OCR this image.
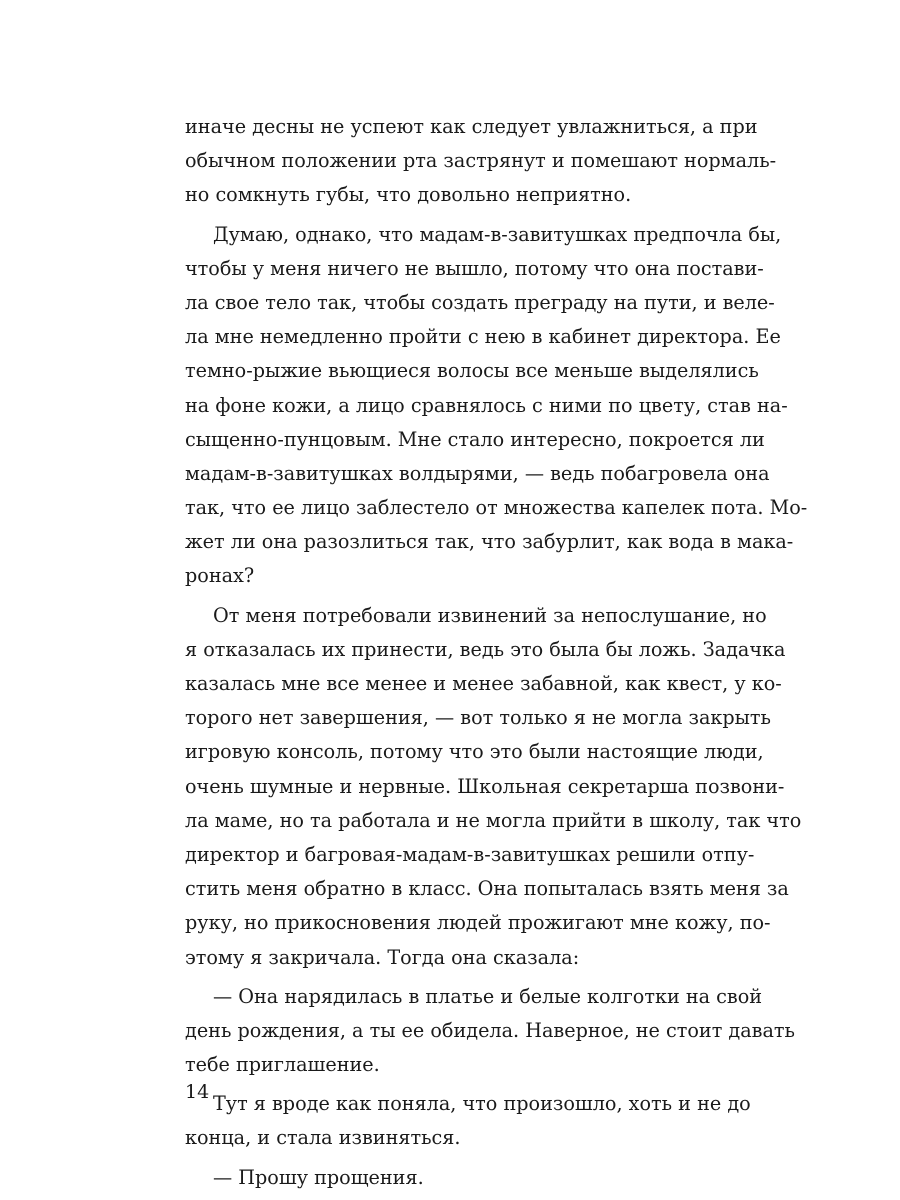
иначе десны не успеют как следует увлажниться, а при
обычном положении рта застрянут и помешают нормаль-
но сомкнуть губы, что довольно неприятно.
Думаю, однако, что мадам-в-завитушках предпочла бы,
чтобы у меня ничего не вышло, потому что она постави-
ла свое тело так, чтобы создать преграду на пути, и веле-
ла мне немедленно пройти с нею в кабинет директора. Ее
темно-рыжие вьющиеся волосы все меньше выделялись
на фоне кожи, а лицо сравнялось с ними по цвету, став на-
сыщенно-пунцовым. Мне стало интересно, покроется ли
мадам-в-завитушках волдырями, — ведь побагровела она
так, что ее лицо заблестело от множества капелек пота. Мо-
жет ли она разозлиться так, что забурлит, как вода в мака-
ронах?
От меня потребовали извинений за непослушание, но
я отказалась их принести, ведь это была бы ложь. Задачка
казалась мне все менее и менее забавной, как квест, у ко-
торого нет завершения, — вот только я не могла закрыть
игровую консоль, потому что это были настоящие люди,
очень шумные и нервные. Школьная секретарша позвони-
ла маме, но та работала и не могла прийти в школу, так что
директор и багровая-мадам-в-завитушках решили отпу-
стить меня обратно в класс. Она попыталась взять меня за
руку, но прикосновения людей прожигают мне кожу, по-
этому я закричала. Тогда она сказала:
— Она нарядилась в платье и белые колготки на свой
день рождения, а ты ее обидела. Наверное, не стоит давать
тебе приглашение.
Тут я вроде как поняла, что произошло, хоть и не до
конца, и стала извиняться.
— Прошу прощения.
14
